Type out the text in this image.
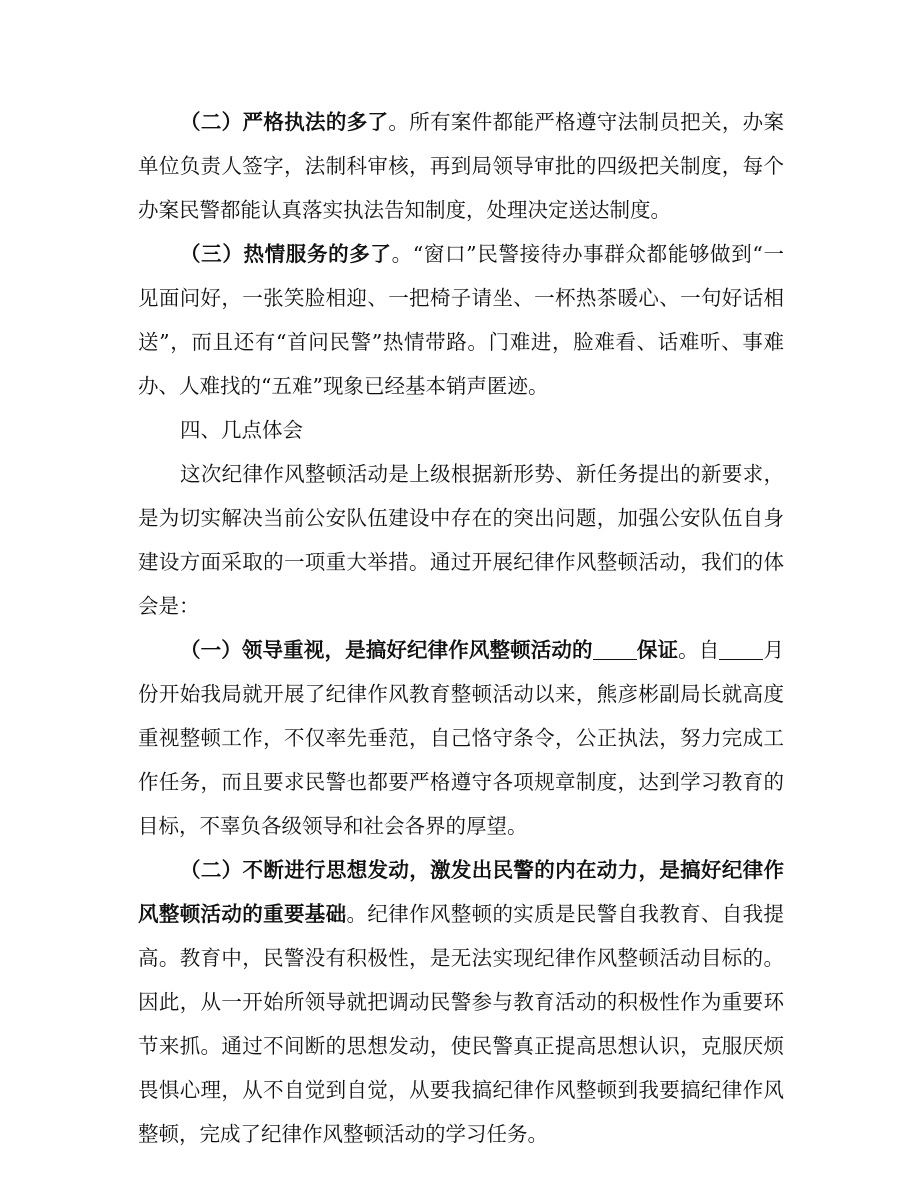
（二）严格执法的多了。所有案件都能严格遵守法制员把关，办案单位负责人签字，法制科审核，再到局领导审批的四级把关制度，每个办案民警都能认真落实执法告知制度，处理决定送达制度。

（三）热情服务的多了。“窗口”民警接待办事群众都能够做到“一见面问好，一张笑脸相迎、一把椅子请坐、一杯热茶暖心、一句好话相送”，而且还有“首问民警”热情带路。门难进，脸难看、话难听、事难办、人难找的“五难”现象已经基本销声匿迹。

四、几点体会

这次纪律作风整顿活动是上级根据新形势、新任务提出的新要求，是为切实解决当前公安队伍建设中存在的突出问题，加强公安队伍自身建设方面采取的一项重大举措。通过开展纪律作风整顿活动，我们的体会是：

（一）领导重视，是搞好纪律作风整顿活动的 保证。自 月份开始我局就开展了纪律作风教育整顿活动以来，熊彦彬副局长就高度重视整顿工作，不仅率先垂范，自己恪守条令，公正执法，努力完成工作任务，而且要求民警也都要严格遵守各项规章制度，达到学习教育的目标，不辜负各级领导和社会各界的厚望。

（二）不断进行思想发动，激发出民警的内在动力，是搞好纪律作风整顿活动的重要基础。纪律作风整顿的实质是民警自我教育、自我提高。教育中，民警没有积极性，是无法实现纪律作风整顿活动目标的。因此，从一开始所领导就把调动民警参与教育活动的积极性作为重要环节来抓。通过不间断的思想发动，使民警真正提高思想认识，克服厌烦畏惧心理，从不自觉到自觉，从要我搞纪律作风整顿到我要搞纪律作风整顿，完成了纪律作风整顿活动的学习任务。
